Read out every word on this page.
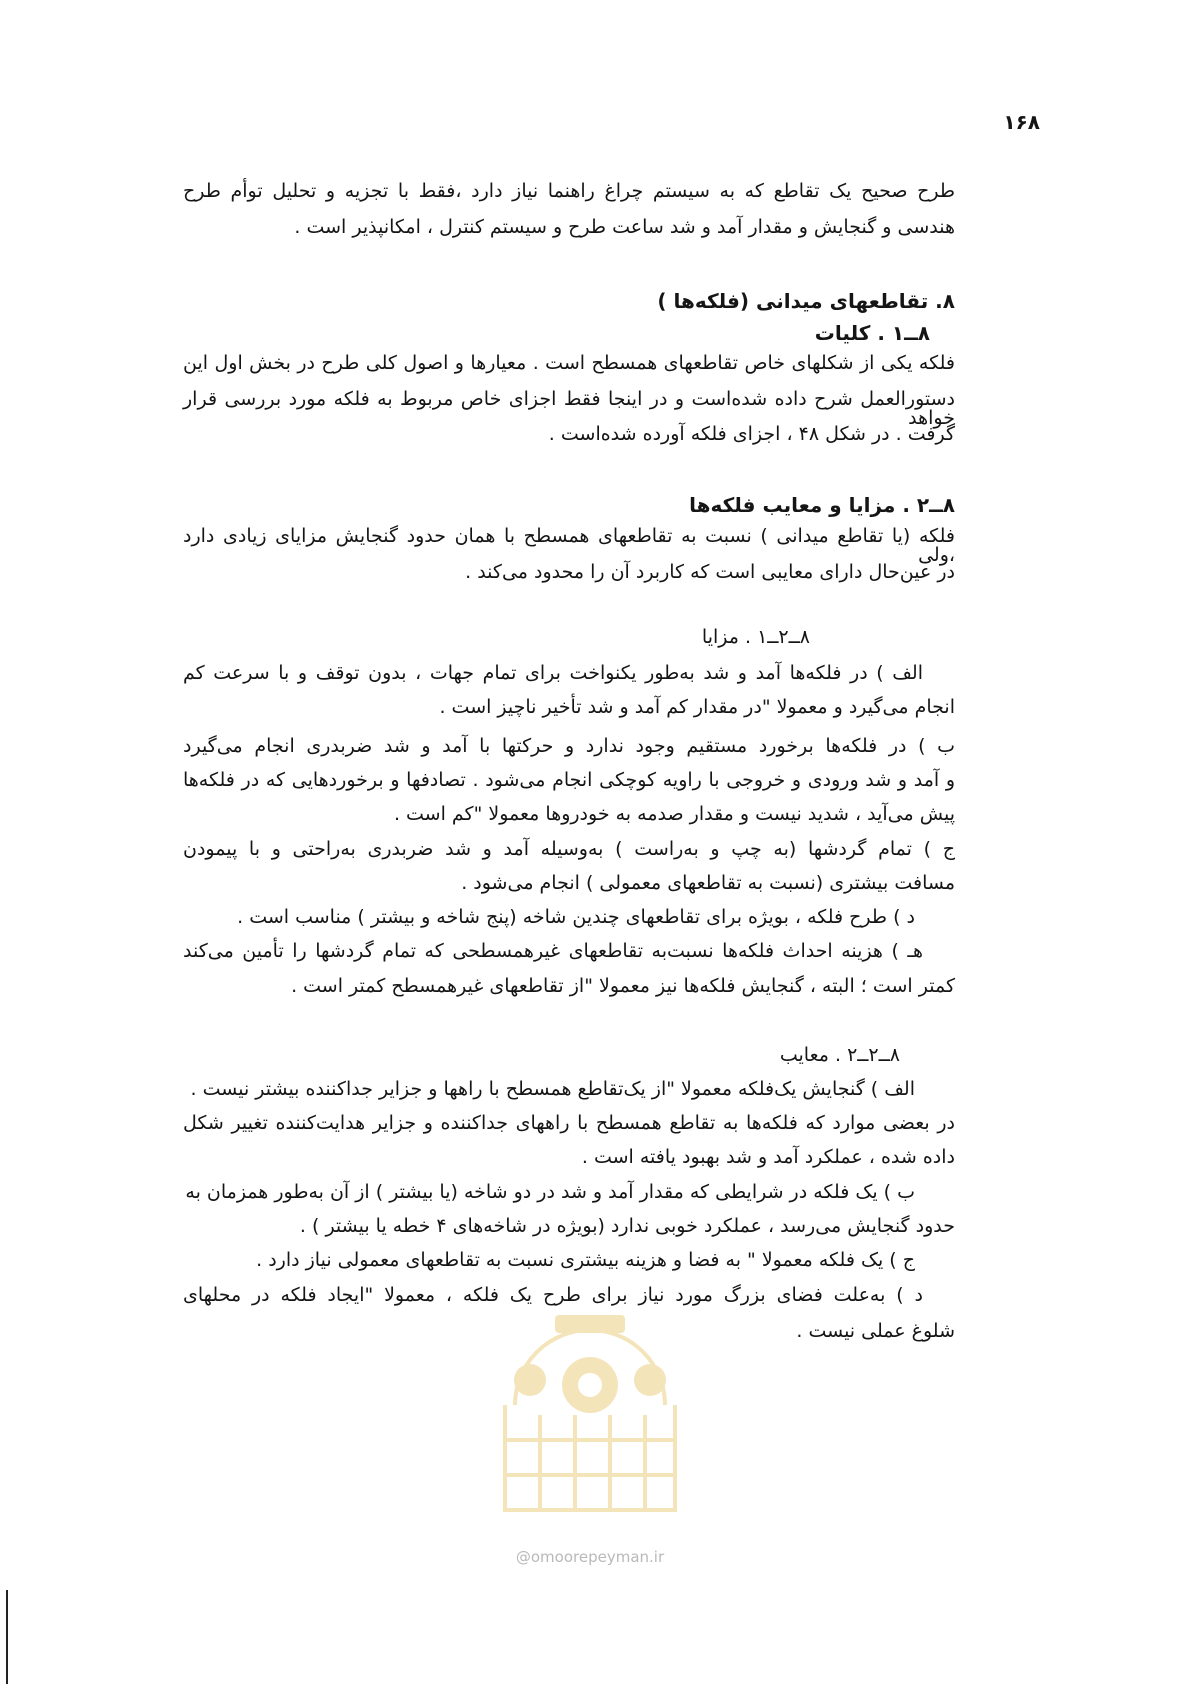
۱۶۸
طرح صحیح یک تقاطع که به سیستم چراغ راهنما نیاز دارد ،فقط با تجزیه و تحلیل توأم طرح
هندسی و گنجایش و مقدار آمد و شد ساعت طرح و سیستم کنترل ، امکانپذیر است .
۸. تقاطعهای میدانی (فلکه‌ها )
۸ــ۱ . کلیات
فلکه یکی از شکلهای خاص تقاطعهای همسطح است . معیارها و اصول کلی طرح در بخش اول این
دستورالعمل شرح داده شده‌است و در اینجا فقط اجزای خاص مربوط به فلکه مورد بررسی قرار خواهد
گرفت . در شکل ۴۸ ، اجزای فلکه آورده شده‌است .
۸ــ۲ . مزایا و معایب فلکه‌ها
فلکه (یا تقاطع میدانی ) نسبت به تقاطعهای همسطح با همان حدود گنجایش مزایای زیادی دارد ،ولی
در عین‌حال دارای معایبی است که کاربرد آن را محدود می‌کند .
۸ــ۲ــ۱ . مزایا
الف ) در فلکه‌ها آمد و شد به‌طور یکنواخت برای تمام جهات ، بدون توقف و با سرعت کم
انجام می‌گیرد و معمولا "در مقدار کم آمد و شد تأخیر ناچیز است .
ب ) در فلکه‌ها برخورد مستقیم وجود ندارد و حرکتها با آمد و شد ضربدری انجام می‌گیرد
و آمد و شد ورودی و خروجی با راویه کوچکی انجام می‌شود . تصادفها و برخوردهایی که در فلکه‌ها
پیش می‌آید ، شدید نیست و مقدار صدمه به خودروها معمولا "کم است .
ج ) تمام گردشها (به چپ و به‌راست ) به‌وسیله آمد و شد ضربدری به‌راحتی و با پیمودن
مسافت بیشتری (نسبت به تقاطعهای معمولی ) انجام می‌شود .
د ) طرح فلکه ، بویژه برای تقاطعهای چندین شاخه (پنج شاخه و بیشتر ) مناسب است .
هـ ) هزینه احداث فلکه‌ها نسبت‌به تقاطعهای غیرهمسطحی که تمام گردشها را تأمین می‌کند
کمتر است ؛ البته ، گنجایش فلکه‌ها نیز معمولا "از تقاطعهای غیرهمسطح کمتر است .
۸ــ۲ــ۲ . معایب
الف ) گنجایش یک‌فلکه معمولا "از یک‌تقاطع همسطح با راهها و جزایر جداکننده بیشتر نیست .
در بعضی موارد که فلکه‌ها به تقاطع همسطح با راههای جداکننده و جزایر هدایت‌کننده تغییر شکل
داده شده ، عملکرد آمد و شد بهبود یافته است .
ب ) یک فلکه در شرایطی که مقدار آمد و شد در دو شاخه (یا بیشتر ) از آن به‌طور همزمان به
حدود گنجایش می‌رسد ، عملکرد خوبی ندارد (بویژه در شاخه‌های ۴ خطه یا بیشتر ) .
ج ) یک فلکه معمولا " به فضا و هزینه بیشتری نسبت به تقاطعهای معمولی نیاز دارد .
د ) به‌علت فضای بزرگ مورد نیاز برای طرح یک فلکه ، معمولا "ایجاد فلکه در محلهای
شلوغ عملی نیست .
@omoorepeyman.ir
